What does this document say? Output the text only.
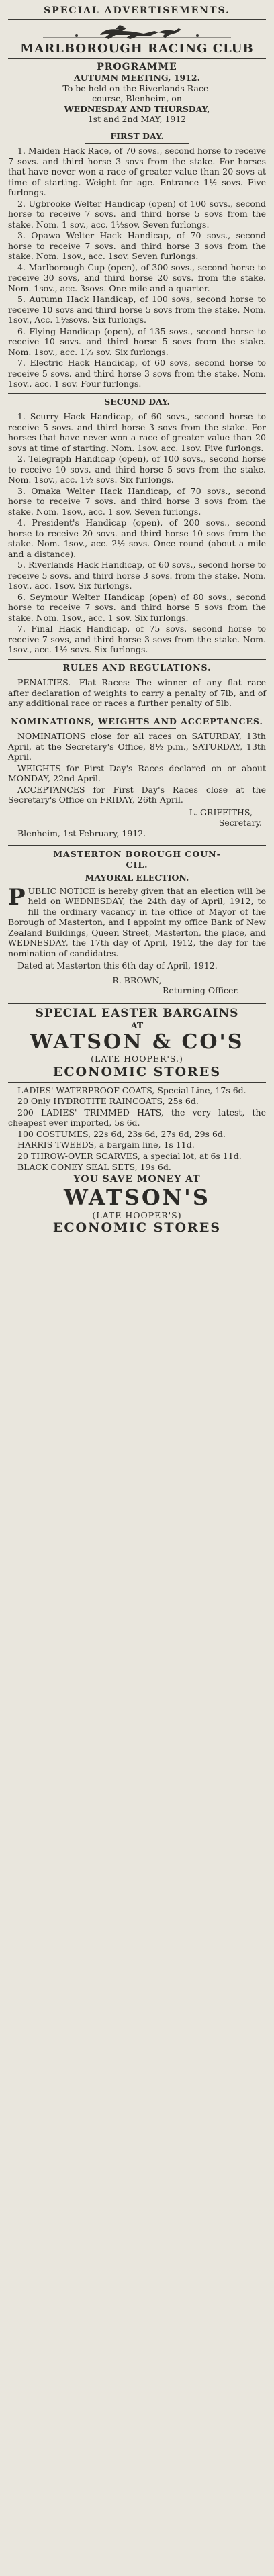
SPECIAL ADVERTISEMENTS.
MARLBOROUGH RACING CLUB
PROGRAMME
AUTUMN MEETING, 1912.
To be held on the Riverlands Race-
course, Blenheim, on
WEDNESDAY AND THURSDAY,
1st and 2nd MAY, 1912
FIRST DAY.
1. Maiden Hack Race, of 70 sovs., second horse to receive 7 sovs. and third horse 3 sovs from the stake. For horses that have never won a race of greater value than 20 sovs at time of starting. Weight for age. Entrance 1½ sovs. Five furlongs.
2. Ugbrooke Welter Handicap (open) of 100 sovs., second horse to receive 7 sovs. and third horse 5 sovs from the stake. Nom. 1 sov., acc. 1½sov. Seven furlongs.
3. Opawa Welter Hack Handicap, of 70 sovs., second horse to receive 7 sovs. and third horse 3 sovs from the stake. Nom. 1sov., acc. 1sov. Seven furlongs.
4. Marlborough Cup (open), of 300 sovs., second horse to receive 30 sovs, and third horse 20 sovs. from the stake. Nom. 1sov., acc. 3sovs. One mile and a quarter.
5. Autumn Hack Handicap, of 100 sovs, second horse to receive 10 sovs and third horse 5 sovs from the stake. Nom. 1sov., Acc. 1½sovs. Six furlongs.
6. Flying Handicap (open), of 135 sovs., second horse to receive 10 sovs. and third horse 5 sovs from the stake. Nom. 1sov., acc. 1½ sov. Six furlongs.
7. Electric Hack Handicap, of 60 sovs, second horse to receive 5 sovs. and third horse 3 sovs from the stake. Nom. 1sov., acc. 1 sov. Four furlongs.
SECOND DAY.
1. Scurry Hack Handicap, of 60 sovs., second horse to receive 5 sovs. and third horse 3 sovs from the stake. For horses that have never won a race of greater value than 20 sovs at time of starting. Nom. 1sov. acc. 1sov. Five furlongs.
2. Telegraph Handicap (open), of 100 sovs., second horse to receive 10 sovs. and third horse 5 sovs from the stake. Nom. 1sov., acc. 1½ sovs. Six furlongs.
3. Omaka Welter Hack Handicap, of 70 sovs., second horse to receive 7 sovs. and third horse 3 sovs from the stake. Nom. 1sov., acc. 1 sov. Seven furlongs.
4. President's Handicap (open), of 200 sovs., second horse to receive 20 sovs. and third horse 10 sovs from the stake. Nom. 1sov., acc. 2½ sovs. Once round (about a mile and a distance).
5. Riverlands Hack Handicap, of 60 sovs., second horse to receive 5 sovs. and third horse 3 sovs. from the stake. Nom. 1sov., acc. 1sov. Six furlongs.
6. Seymour Welter Handicap (open) of 80 sovs., second horse to receive 7 sovs. and third horse 5 sovs from the stake. Nom. 1sov., acc. 1 sov. Six furlongs.
7. Final Hack Handicap, of 75 sovs, second horse to receive 7 sovs, and third horse 3 sovs from the stake. Nom. 1sov., acc. 1½ sovs. Six furlongs.
RULES AND REGULATIONS.
PENALTIES.—Flat Races: The winner of any flat race after declaration of weights to carry a penalty of 7lb, and of any additional race or races a further penalty of 5lb.
NOMINATIONS, WEIGHTS AND ACCEPTANCES.
NOMINATIONS close for all races on SATURDAY, 13th April, at the Secretary's Office, 8½ p.m., SATURDAY, 13th April.
WEIGHTS for First Day's Races declared on or about MONDAY, 22nd April.
ACCEPTANCES for First Day's Races close at the Secretary's Office on FRIDAY, 26th April.
L. GRIFFITHS,
Secretary.
Blenheim, 1st February, 1912.
MASTERTON BOROUGH COUN-
CIL.
MAYORAL ELECTION.
PUBLIC NOTICE is hereby given that an election will be held on WEDNESDAY, the 24th day of April, 1912, to fill the ordinary vacancy in the office of Mayor of the Borough of Masterton, and I appoint my office Bank of New Zealand Buildings, Queen Street, Masterton, the place, and WEDNESDAY, the 17th day of April, 1912, the day for the nomination of candidates.
Dated at Masterton this 6th day of April, 1912.
R. BROWN,
Returning Officer.
SPECIAL EASTER BARGAINS
AT
WATSON & CO'S
(LATE HOOPER'S.)
ECONOMIC STORES
LADIES' WATERPROOF COATS, Special Line, 17s 6d.
20 Only HYDROTITE RAINCOATS, 25s 6d.
200 LADIES' TRIMMED HATS, the very latest, the cheapest ever imported, 5s 6d.
100 COSTUMES, 22s 6d, 23s 6d, 27s 6d, 29s 6d.
HARRIS TWEEDS, a bargain line, 1s 11d.
20 THROW-OVER SCARVES, a special lot, at 6s 11d.
BLACK CONEY SEAL SETS, 19s 6d.
YOU SAVE MONEY AT
WATSON'S
(LATE HOOPER'S)
ECONOMIC STORES
